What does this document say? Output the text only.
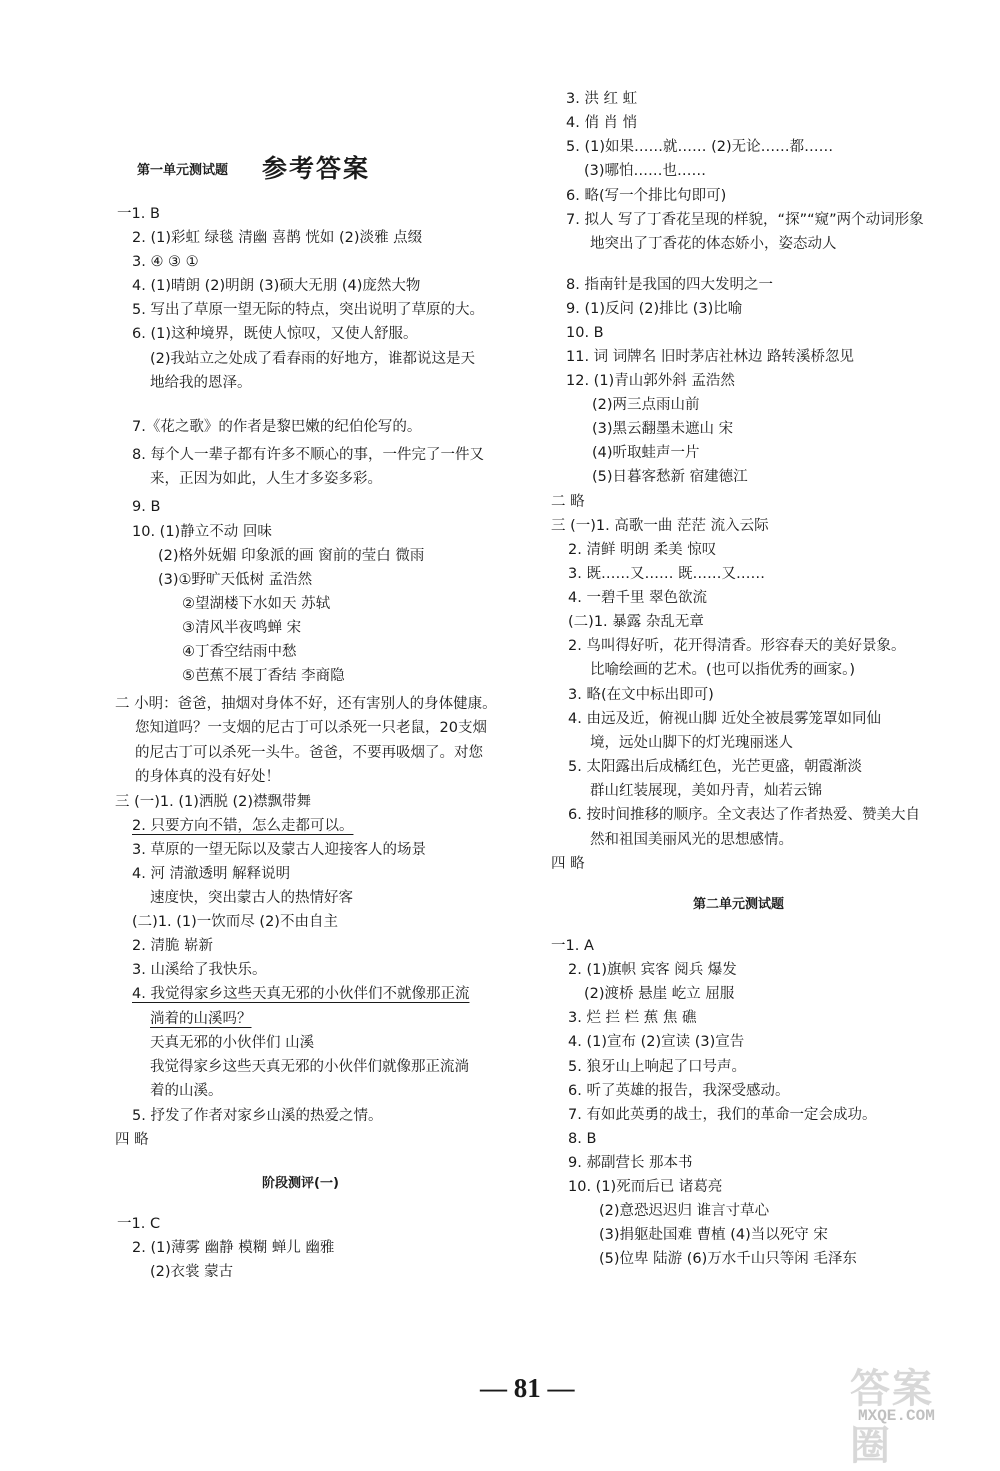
参考答案
第一单元测试题
一1. B
2. (1)彩虹 绿毯 清幽 喜鹊 恍如 (2)淡雅 点缀
3. ④ ③ ①
4. (1)晴朗 (2)明朗 (3)硕大无朋 (4)庞然大物
5. 写出了草原一望无际的特点，突出说明了草原的大。
6. (1)这种境界，既使人惊叹，又使人舒服。
(2)我站立之处成了看春雨的好地方，谁都说这是天
地给我的恩泽。
7.《花之歌》的作者是黎巴嫩的纪伯伦写的。
8. 每个人一辈子都有许多不顺心的事，一件完了一件又
来，正因为如此，人生才多姿多彩。
9. B
10. (1)静立不动 回味
(2)格外妩媚 印象派的画 窗前的莹白 微雨
(3)①野旷天低树 孟浩然
②望湖楼下水如天 苏轼
③清风半夜鸣蝉 宋
④丁香空结雨中愁
⑤芭蕉不展丁香结 李商隐
二 小明：爸爸，抽烟对身体不好，还有害别人的身体健康。
您知道吗？一支烟的尼古丁可以杀死一只老鼠，20支烟
的尼古丁可以杀死一头牛。爸爸，不要再吸烟了。对您
的身体真的没有好处！
三 (一)1. (1)洒脱 (2)襟飘带舞
2. 只要方向不错，怎么走都可以。
3. 草原的一望无际以及蒙古人迎接客人的场景
4. 河 清澈透明 解释说明
速度快，突出蒙古人的热情好客
(二)1. (1)一饮而尽 (2)不由自主
2. 清脆 崭新
3. 山溪给了我快乐。
4. 我觉得家乡这些天真无邪的小伙伴们不就像那正流
淌着的山溪吗？
天真无邪的小伙伴们 山溪
我觉得家乡这些天真无邪的小伙伴们就像那正流淌
着的山溪。
5. 抒发了作者对家乡山溪的热爱之情。
四 略
阶段测评(一)
一1. C
2. (1)薄雾 幽静 模糊 蝉儿 幽雅
(2)衣裳 蒙古
3. 洪 红 虹
4. 俏 肖 悄
5. (1)如果……就…… (2)无论……都……
(3)哪怕……也……
6. 略(写一个排比句即可)
7. 拟人 写了丁香花呈现的样貌，“探”“窥”两个动词形象
地突出了丁香花的体态娇小，姿态动人
8. 指南针是我国的四大发明之一
9. (1)反问 (2)排比 (3)比喻
10. B
11. 词 词牌名 旧时茅店社林边 路转溪桥忽见
12. (1)青山郭外斜 孟浩然
(2)两三点雨山前
(3)黑云翻墨未遮山 宋
(4)听取蛙声一片
(5)日暮客愁新 宿建德江
二 略
三 (一)1. 高歌一曲 茫茫 流入云际
2. 清鲜 明朗 柔美 惊叹
3. 既……又…… 既……又……
4. 一碧千里 翠色欲流
(二)1. 暴露 杂乱无章
2. 鸟叫得好听，花开得清香。形容春天的美好景象。
比喻绘画的艺术。(也可以指优秀的画家。)
3. 略(在文中标出即可)
4. 由远及近，俯视山脚 近处全被晨雾笼罩如同仙
境，远处山脚下的灯光瑰丽迷人
5. 太阳露出后成橘红色，光芒更盛，朝霞渐淡
群山红装展现，美如丹青，灿若云锦
6. 按时间推移的顺序。全文表达了作者热爱、赞美大自
然和祖国美丽风光的思想感情。
四 略
第二单元测试题
一1. A
2. (1)旗帜 宾客 阅兵 爆发
(2)渡桥 悬崖 屹立 屈服
3. 烂 拦 栏 蕉 焦 礁
4. (1)宣布 (2)宣读 (3)宣告
5. 狼牙山上响起了口号声。
6. 听了英雄的报告，我深受感动。
7. 有如此英勇的战士，我们的革命一定会成功。
8. B
9. 郝副营长 那本书
10. (1)死而后已 诸葛亮
(2)意恐迟迟归 谁言寸草心
(3)捐躯赴国难 曹植 (4)当以死守 宋
(5)位卑 陆游 (6)万水千山只等闲 毛泽东
— 81 —	答案圈
MXQE.COM
